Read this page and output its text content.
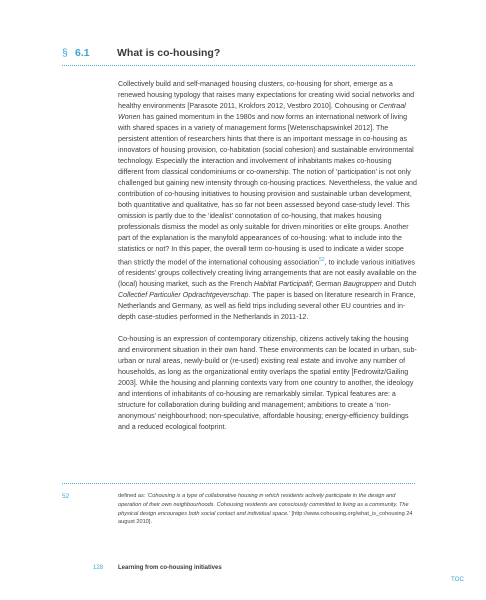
§ 6.1	What is co-housing?

Collectively build and self-managed housing clusters, co-housing for short, emerge as a renewed housing typology that raises many expectations for creating vivid social networks and healthy environments [Parasote 2011, Krokfors 2012, Vestbro 2010]. Cohousing or Centraal Wonen has gained momentum in the 1980s and now forms an international network of living with shared spaces in a variety of management forms [Wetenschapswinkel 2012]. The persistent attention of researchers hints that there is an important message in co-housing as innovators of housing provision, co-habitation (social cohesion) and sustainable environmental technology. Especially the interaction and involvement of inhabitants makes co-housing different from classical condominiums or co-ownership. The notion of ‘participation’ is not only challenged but gaining new intensity through co-housing practices. Nevertheless, the value and contribution of co-housing initiatives to housing provision and sustainable urban development, both quantitative and qualitative, has so far not been assessed beyond case-study level. This omission is partly due to the ‘idealist’ connotation of co-housing, that makes housing professionals dismiss the model as only suitable for driven minorities or elite groups. Another part of the explanation is the manyfold appearances of co-housing: what to include into the statistics or not? In this paper, the overall term co-housing is used to indicate a wider scope than strictly the model of the international cohousing association$^{52}$, to include various initiatives of residents’ groups collectively creating living arrangements that are not easily available on the (local) housing market, such as the French Habitat Participatif; German Baugruppen and Dutch Collectief Particulier Opdrachtgeverschap. The paper is based on literature research in France, Netherlands and Germany, as well as field trips including several other EU countries and in-depth case-studies performed in the Netherlands in 2011-12.

Co-housing is an expression of contemporary citizenship, citizens actively taking the housing and environment situation in their own hand. These environments can be located in urban, sub-urban or rural areas, newly-build or (re-used) existing real estate and involve any number of households, as long as the organizational entity overlaps the spatial entity [Fedrowitz/Gailing 2003]. While the housing and planning contexts vary from one country to another, the ideology and intentions of inhabitants of co-housing are remarkably similar. Typical features are: a structure for collaboration during building and management; ambitions to create a ‘non-anonymous’ neighbourhood; non-speculative, affordable housing; energy-efficiency buildings and a reduced ecological footprint.

52	defined as: ‘Cohousing is a type of collaborative housing in which residents actively participate in the design and operation of their own neighbourhoods. Cohousing residents are consciously committed to living as a community. The physical design encourages both social contact and individual space.’ [http://www.cohousing.org/what_is_cohousing 24 august 2010].
128 Learning from co-housing initiatives
TOC
